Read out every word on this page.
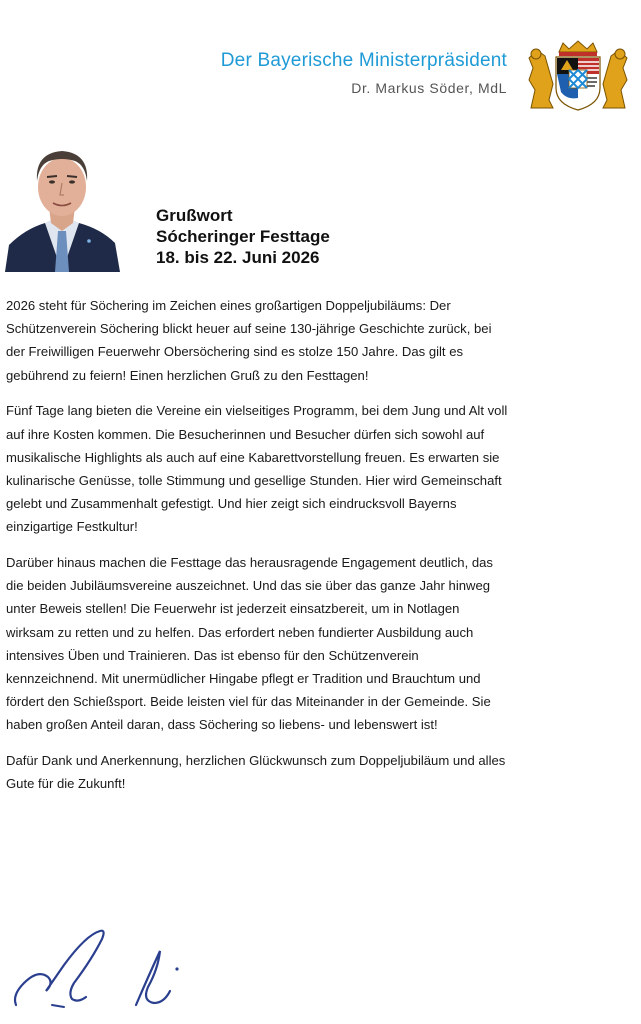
Der Bayerische Ministerpräsident
Dr. Markus Söder, MdL
Grußwort
Sócheringer Festtage
18. bis 22. Juni 2026

2026 steht für Söchering im Zeichen eines großartigen Doppeljubiläums: Der Schützenverein Söchering blickt heuer auf seine 130-jährige Geschichte zurück, bei der Freiwilligen Feuerwehr Obersöchering sind es stolze 150 Jahre. Das gilt es gebührend zu feiern! Einen herzlichen Gruß zu den Festtagen!

Fünf Tage lang bieten die Vereine ein vielseitiges Programm, bei dem Jung und Alt voll auf ihre Kosten kommen. Die Besucherinnen und Besucher dürfen sich sowohl auf musikalische Highlights als auch auf eine Kabarettvorstellung freuen. Es erwarten sie kulinarische Genüsse, tolle Stimmung und gesellige Stunden. Hier wird Gemeinschaft gelebt und Zusammenhalt gefestigt. Und hier zeigt sich eindrucksvoll Bayerns einzigartige Festkultur!

Darüber hinaus machen die Festtage das herausragende Engagement deutlich, das die beiden Jubiläumsvereine auszeichnet. Und das sie über das ganze Jahr hinweg unter Beweis stellen! Die Feuerwehr ist jederzeit einsatzbereit, um in Notlagen wirksam zu retten und zu helfen. Das erfordert neben fundierter Ausbildung auch intensives Üben und Trainieren. Das ist ebenso für den Schützenverein kennzeichnend. Mit unermüdlicher Hingabe pflegt er Tradition und Brauchtum und fördert den Schießsport. Beide leisten viel für das Miteinander in der Gemeinde. Sie haben großen Anteil daran, dass Söchering so liebens- und lebenswert ist!

Dafür Dank und Anerkennung, herzlichen Glückwunsch zum Doppeljubiläum und alles Gute für die Zukunft!
